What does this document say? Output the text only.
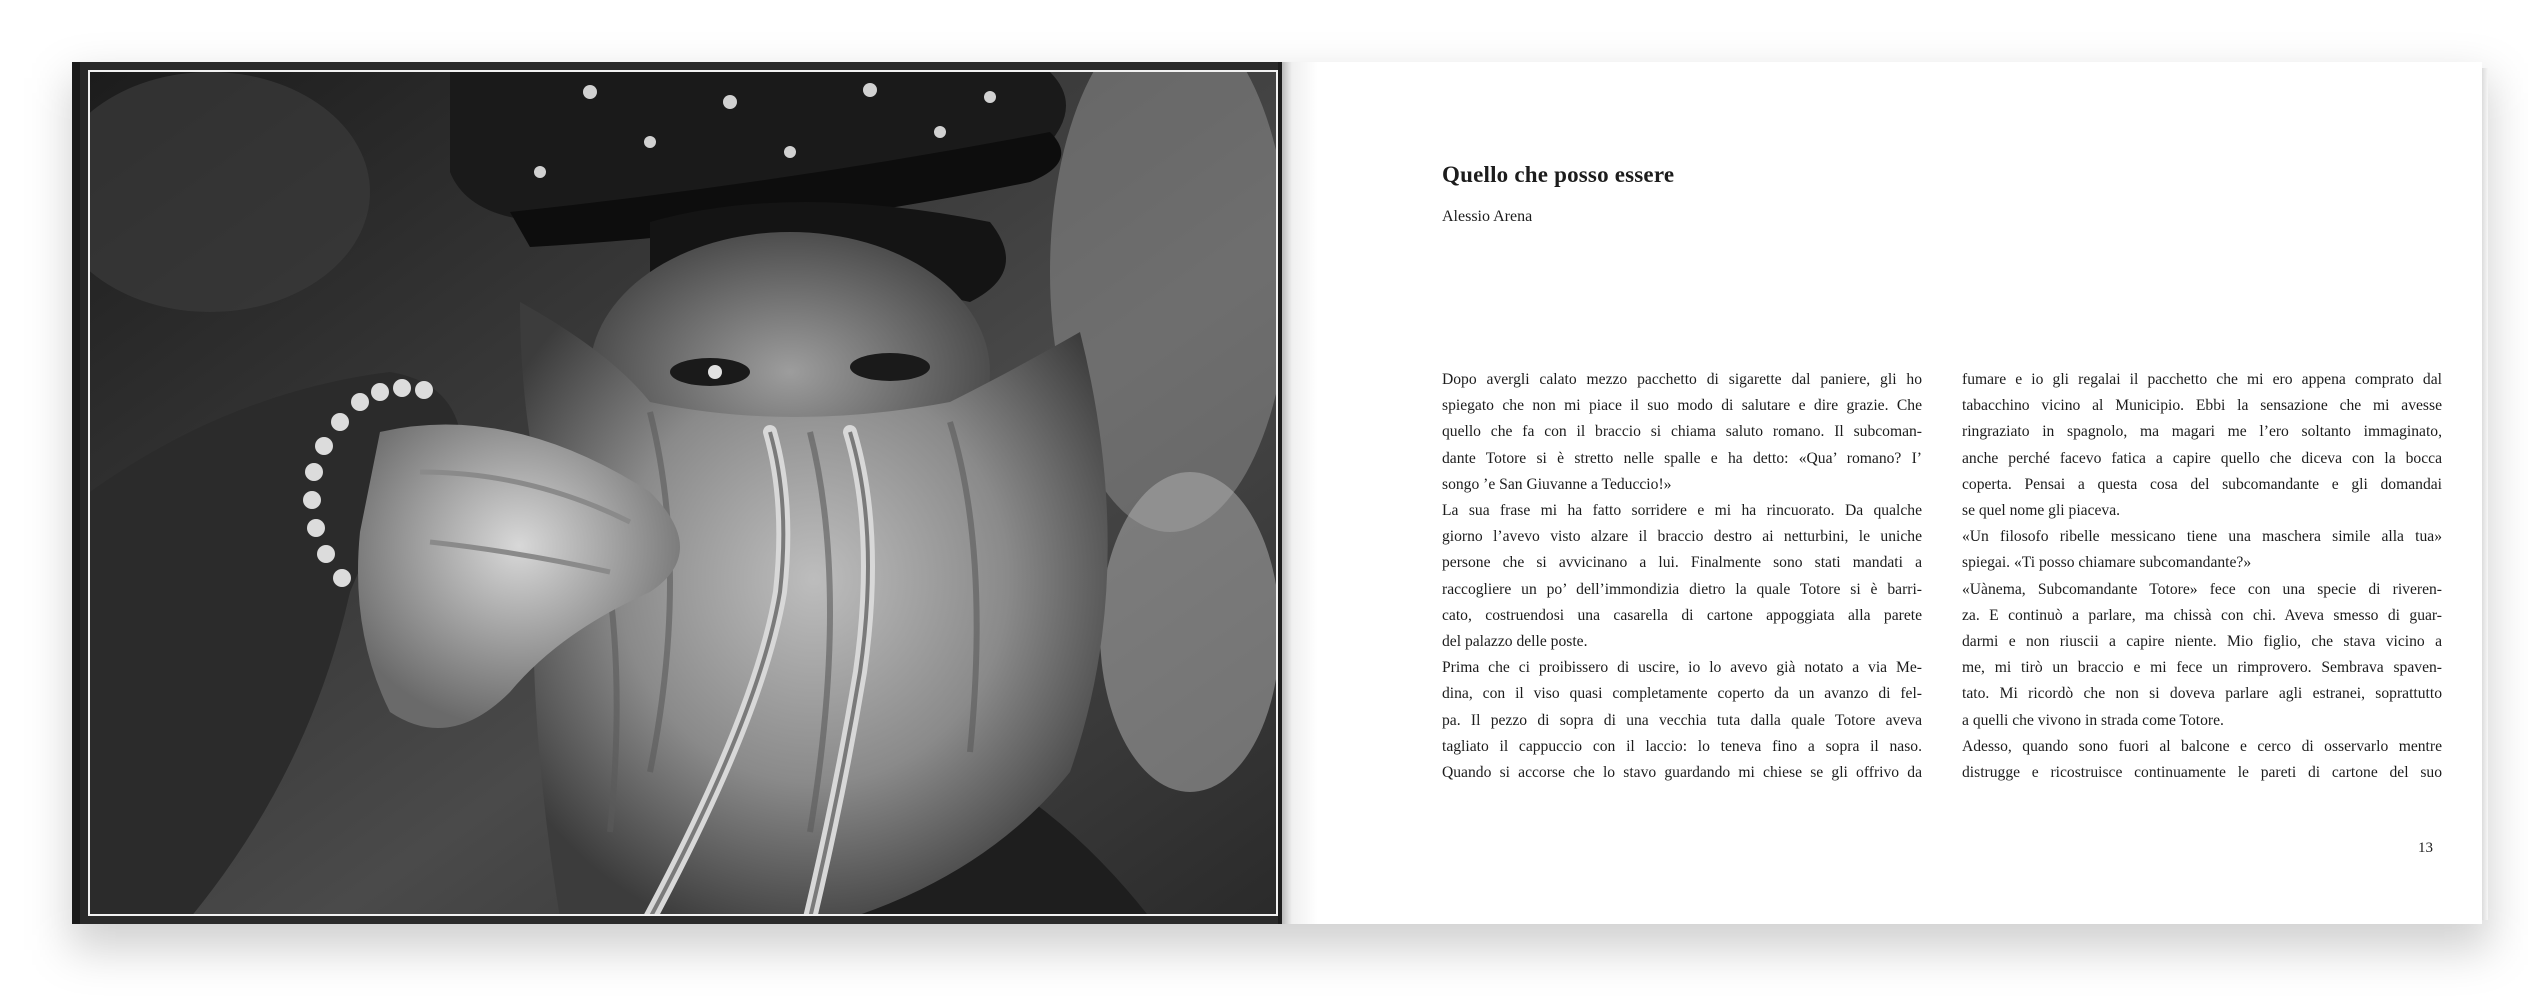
Quello che posso essere

Alessio Arena

Dopo avergli calato mezzo pacchetto di sigarette dal paniere, gli ho

spiegato che non mi piace il suo modo di salutare e dire grazie. Che

quello che fa con il braccio si chiama saluto romano. Il subcoman-

dante Totore si è stretto nelle spalle e ha detto: «Qua’ romano? I’

songo ’e San Giuvanne a Teduccio!»

La sua frase mi ha fatto sorridere e mi ha rincuorato. Da qualche

giorno l’avevo visto alzare il braccio destro ai netturbini, le uniche

persone che si avvicinano a lui. Finalmente sono stati mandati a

raccogliere un po’ dell’immondizia dietro la quale Totore si è barri-

cato, costruendosi una casarella di cartone appoggiata alla parete

del palazzo delle poste.

Prima che ci proibissero di uscire, io lo avevo già notato a via Me-

dina, con il viso quasi completamente coperto da un avanzo di fel-

pa. Il pezzo di sopra di una vecchia tuta dalla quale Totore aveva

tagliato il cappuccio con il laccio: lo teneva fino a sopra il naso.

Quando si accorse che lo stavo guardando mi chiese se gli offrivo da

fumare e io gli regalai il pacchetto che mi ero appena comprato dal

tabacchino vicino al Municipio. Ebbi la sensazione che mi avesse

ringraziato in spagnolo, ma magari me l’ero soltanto immaginato,

anche perché facevo fatica a capire quello che diceva con la bocca

coperta. Pensai a questa cosa del subcomandante e gli domandai

se quel nome gli piaceva.

«Un filosofo ribelle messicano tiene una maschera simile alla tua»

spiegai. «Ti posso chiamare subcomandante?»

«Uànema, Subcomandante Totore» fece con una specie di riveren-

za. E continuò a parlare, ma chissà con chi. Aveva smesso di guar-

darmi e non riuscii a capire niente. Mio figlio, che stava vicino a

me, mi tirò un braccio e mi fece un rimprovero. Sembrava spaven-

tato. Mi ricordò che non si doveva parlare agli estranei, soprattutto

a quelli che vivono in strada come Totore.

Adesso, quando sono fuori al balcone e cerco di osservarlo mentre

distrugge e ricostruisce continuamente le pareti di cartone del suo

13
